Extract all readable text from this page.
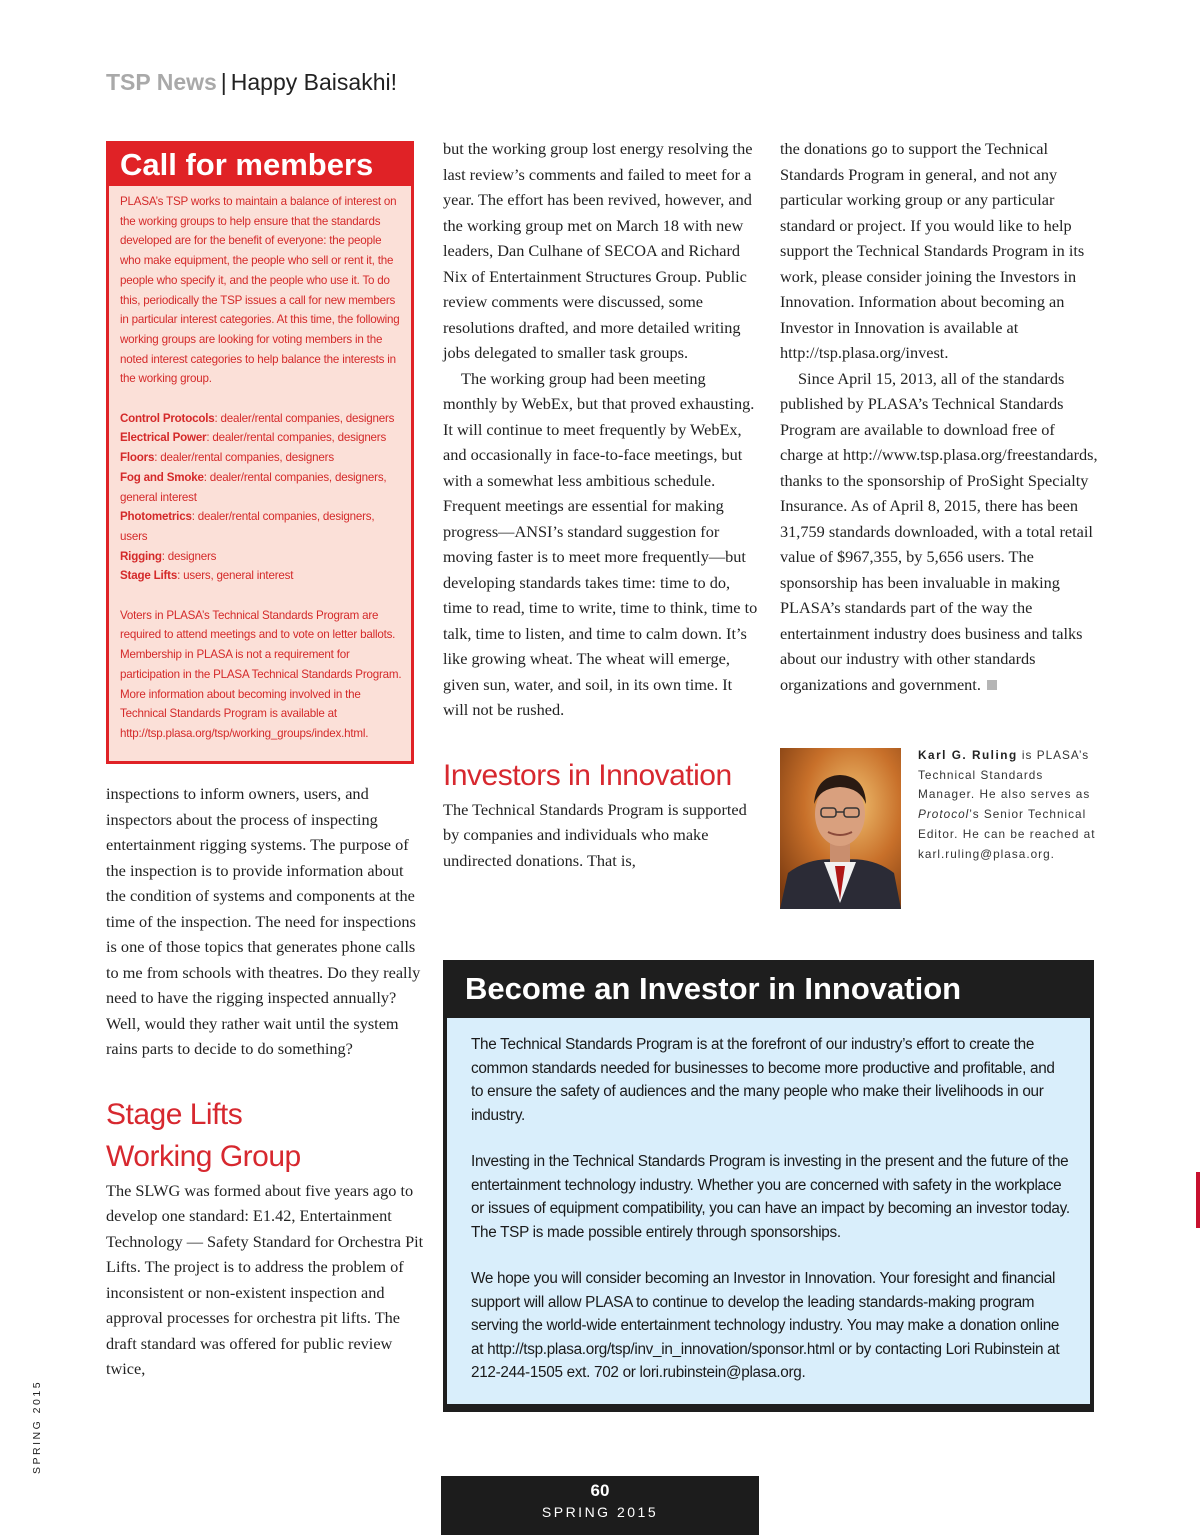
TSP News | Happy Baisakhi!
Call for members

PLASA’s TSP works to maintain a balance of interest on the working groups to help ensure that the standards developed are for the benefit of everyone: the people who make equipment, the people who sell or rent it, the people who specify it, and the people who use it. To do this, periodically the TSP issues a call for new members in particular interest categories. At this time, the following working groups are looking for voting members in the noted interest categories to help balance the interests in the working group.

Control Protocols: dealer/rental companies, designers

Electrical Power: dealer/rental companies, designers

Floors: dealer/rental companies, designers

Fog and Smoke: dealer/rental companies, designers, general interest

Photometrics: dealer/rental companies, designers, users

Rigging: designers

Stage Lifts: users, general interest

Voters in PLASA’s Technical Standards Program are required to attend meetings and to vote on letter ballots. Membership in PLASA is not a requirement for participation in the PLASA Technical Standards Program. More information about becoming involved in the Technical Standards Program is available at http://tsp.plasa.org/tsp/working_groups/index.html.

inspections to inform owners, users, and inspectors about the process of inspecting entertainment rigging systems. The purpose of the inspection is to provide information about the condition of systems and components at the time of the inspection. The need for inspections is one of those topics that generates phone calls to me from schools with theatres. Do they really need to have the rigging inspected annually? Well, would they rather wait until the system rains parts to decide to do something?

Stage Lifts
Working Group

The SLWG was formed about five years ago to develop one standard: E1.42, Entertainment Technology — Safety Standard for Orchestra Pit Lifts. The project is to address the problem of inconsistent or non-existent inspection and approval processes for orchestra pit lifts. The draft standard was offered for public review twice,

but the working group lost energy resolving the last review’s comments and failed to meet for a year. The effort has been revived, however, and the working group met on March 18 with new leaders, Dan Culhane of SECOA and Richard Nix of Entertainment Structures Group. Public review comments were discussed, some resolutions drafted, and more detailed writing jobs delegated to smaller task groups.

The working group had been meeting monthly by WebEx, but that proved exhausting. It will continue to meet frequently by WebEx, and occasionally in face-to-face meetings, but with a somewhat less ambitious schedule. Frequent meetings are essential for making progress—ANSI’s standard suggestion for moving faster is to meet more frequently—but developing standards takes time: time to do, time to read, time to write, time to think, time to talk, time to listen, and time to calm down. It’s like growing wheat. The wheat will emerge, given sun, water, and soil, in its own time. It will not be rushed.

Investors in Innovation

The Technical Standards Program is supported by companies and individuals who make undirected donations. That is,

the donations go to support the Technical Standards Program in general, and not any particular working group or any particular standard or project. If you would like to help support the Technical Standards Program in its work, please consider joining the Investors in Innovation. Information about becoming an Investor in Innovation is available at http://tsp.plasa.org/invest.

Since April 15, 2013, all of the standards published by PLASA’s Technical Standards Program are available to download free of charge at http://www.tsp.plasa.org/freestandards, thanks to the sponsorship of ProSight Specialty Insurance. As of April 8, 2015, there has been 31,759 standards downloaded, with a total retail value of $967,355, by 5,656 users. The sponsorship has been invaluable in making PLASA’s standards part of the way the entertainment industry does business and talks about our industry with other standards organizations and government.

Karl G. Ruling is PLASA’s Technical Standards Manager. He also serves as Protocol’s Senior Technical Editor. He can be reached at karl.ruling@plasa.org.
Become an Investor in Innovation

The Technical Standards Program is at the forefront of our industry’s effort to create the common standards needed for businesses to become more productive and profitable, and to ensure the safety of audiences and the many people who make their livelihoods in our industry.

Investing in the Technical Standards Program is investing in the present and the future of the entertainment technology industry. Whether you are concerned with safety in the workplace or issues of equipment compatibility, you can have an impact by becoming an investor today. The TSP is made possible entirely through sponsorships.

We hope you will consider becoming an Investor in Innovation. Your foresight and financial support will allow PLASA to continue to develop the leading standards-making program serving the world-wide entertainment technology industry. You may make a donation online at http://tsp.plasa.org/tsp/inv_in_innovation/sponsor.html or by contacting Lori Rubinstein at 212-244-1505 ext. 702 or lori.rubinstein@plasa.org.

SPRING 2015
60
SPRING 2015
